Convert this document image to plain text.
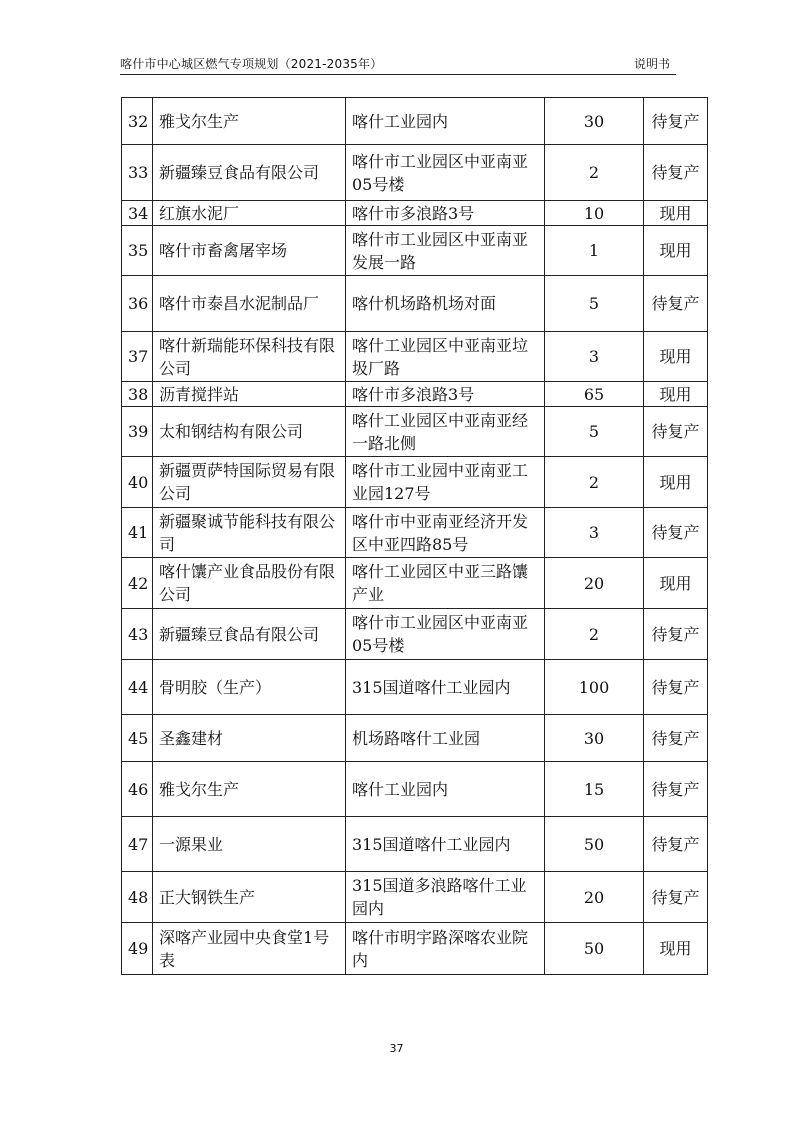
喀什市中心城区燃气专项规划（2021-2035年）	说明书
32	雅戈尔生产	喀什工业园内	30	待复产
33	新疆臻豆食品有限公司	喀什市工业园区中亚南亚05号楼	2	待复产
34	红旗水泥厂	喀什市多浪路3号	10	现用
35	喀什市畜禽屠宰场	喀什市工业园区中亚南亚发展一路	1	现用
36	喀什市泰昌水泥制品厂	喀什机场路机场对面	5	待复产
37	喀什新瑞能环保科技有限公司	喀什工业园区中亚南亚垃圾厂路	3	现用
38	沥青搅拌站	喀什市多浪路3号	65	现用
39	太和钢结构有限公司	喀什工业园区中亚南亚经一路北侧	5	待复产
40	新疆贾萨特国际贸易有限公司	喀什市工业园中亚南亚工业园127号	2	现用
41	新疆聚诚节能科技有限公司	喀什市中亚南亚经济开发区中亚四路85号	3	待复产
42	喀什馕产业食品股份有限公司	喀什工业园区中亚三路馕产业	20	现用
43	新疆臻豆食品有限公司	喀什市工业园区中亚南亚05号楼	2	待复产
44	骨明胶（生产）	315国道喀什工业园内	100	待复产
45	圣鑫建材	机场路喀什工业园	30	待复产
46	雅戈尔生产	喀什工业园内	15	待复产
47	一源果业	315国道喀什工业园内	50	待复产
48	正大钢铁生产	315国道多浪路喀什工业园内	20	待复产
49	深喀产业园中央食堂1号表	喀什市明宇路深喀农业院内	50	现用
37
